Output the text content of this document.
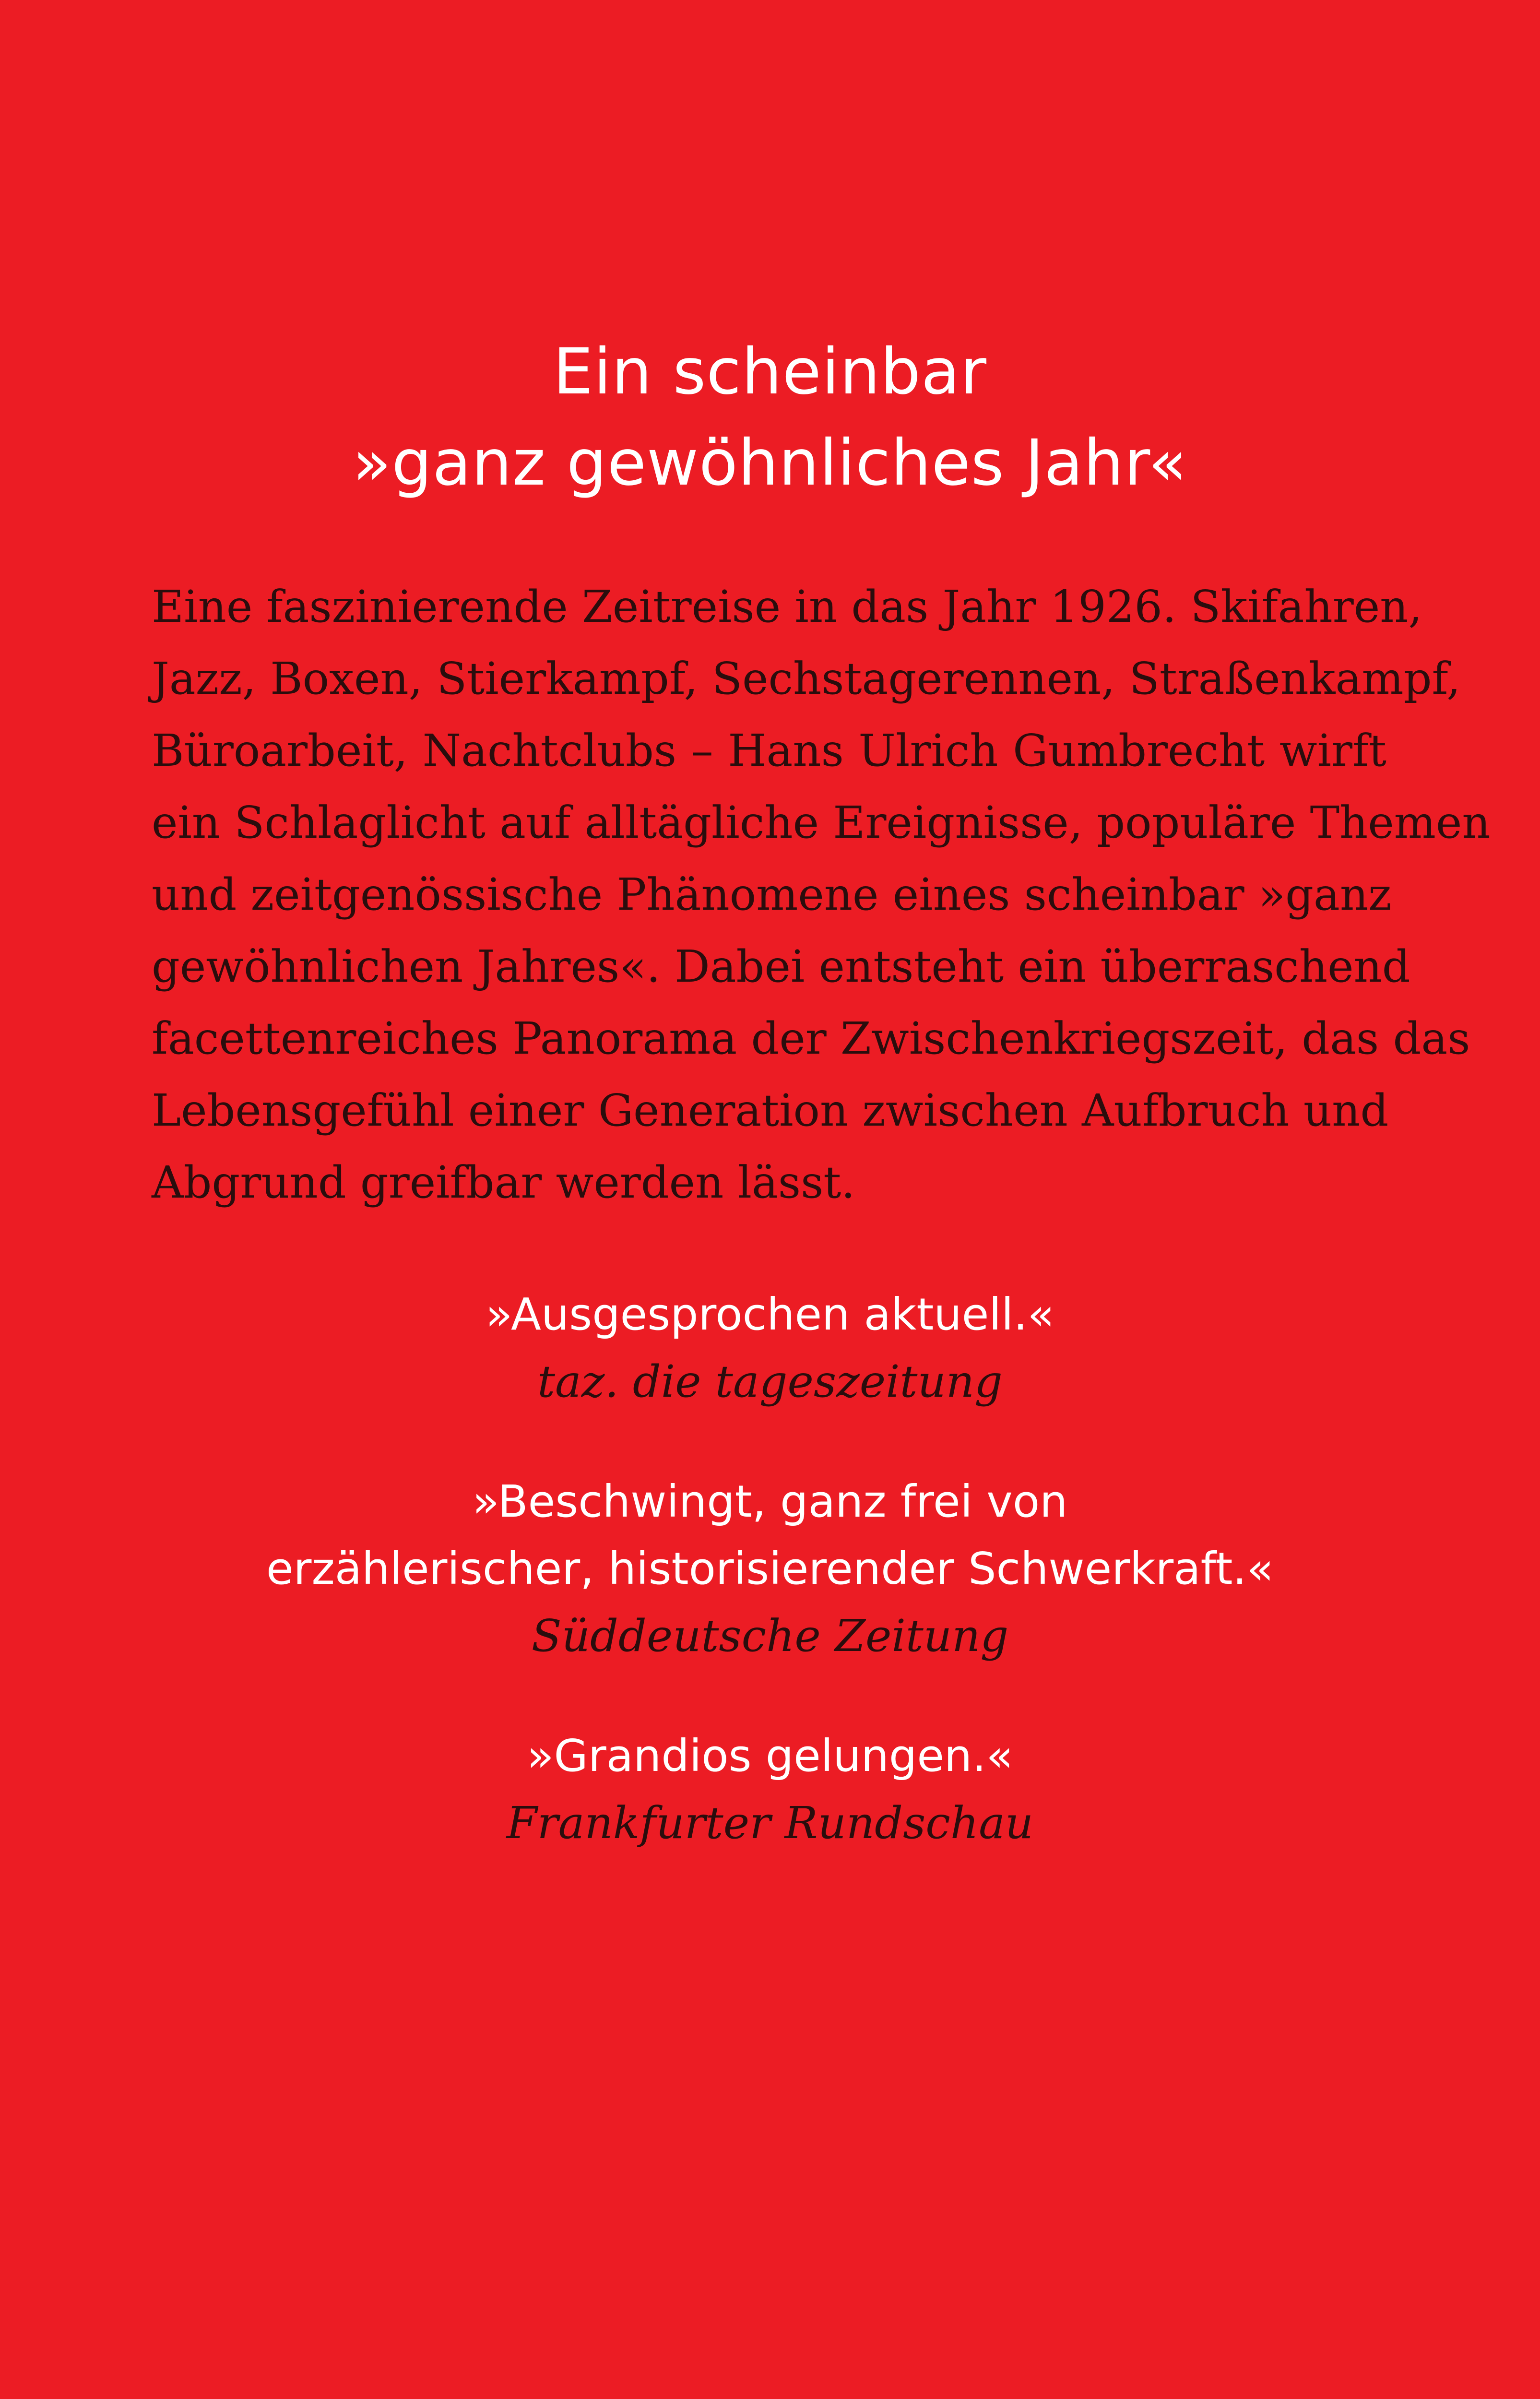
Ein scheinbar
»ganz gewöhnliches Jahr«
Eine faszinierende Zeitreise in das Jahr 1926. Skifahren,
Jazz, Boxen, Stierkampf, Sechstagerennen, Straßenkampf,
Büroarbeit, Nachtclubs – Hans Ulrich Gumbrecht wirft
ein Schlaglicht auf alltägliche Ereignisse, populäre Themen
und zeitgenössische Phänomene eines scheinbar »ganz
gewöhnlichen Jahres«. Dabei entsteht ein überraschend
facettenreiches Panorama der Zwischenkriegszeit, das das
Lebensgefühl einer Generation zwischen Aufbruch und
Abgrund greifbar werden lässt.
»Ausgesprochen aktuell.«
taz. die tageszeitung
»Beschwingt, ganz frei von
erzählerischer, historisierender Schwerkraft.«
Süddeutsche Zeitung
»Grandios gelungen.«
Frankfurter Rundschau
